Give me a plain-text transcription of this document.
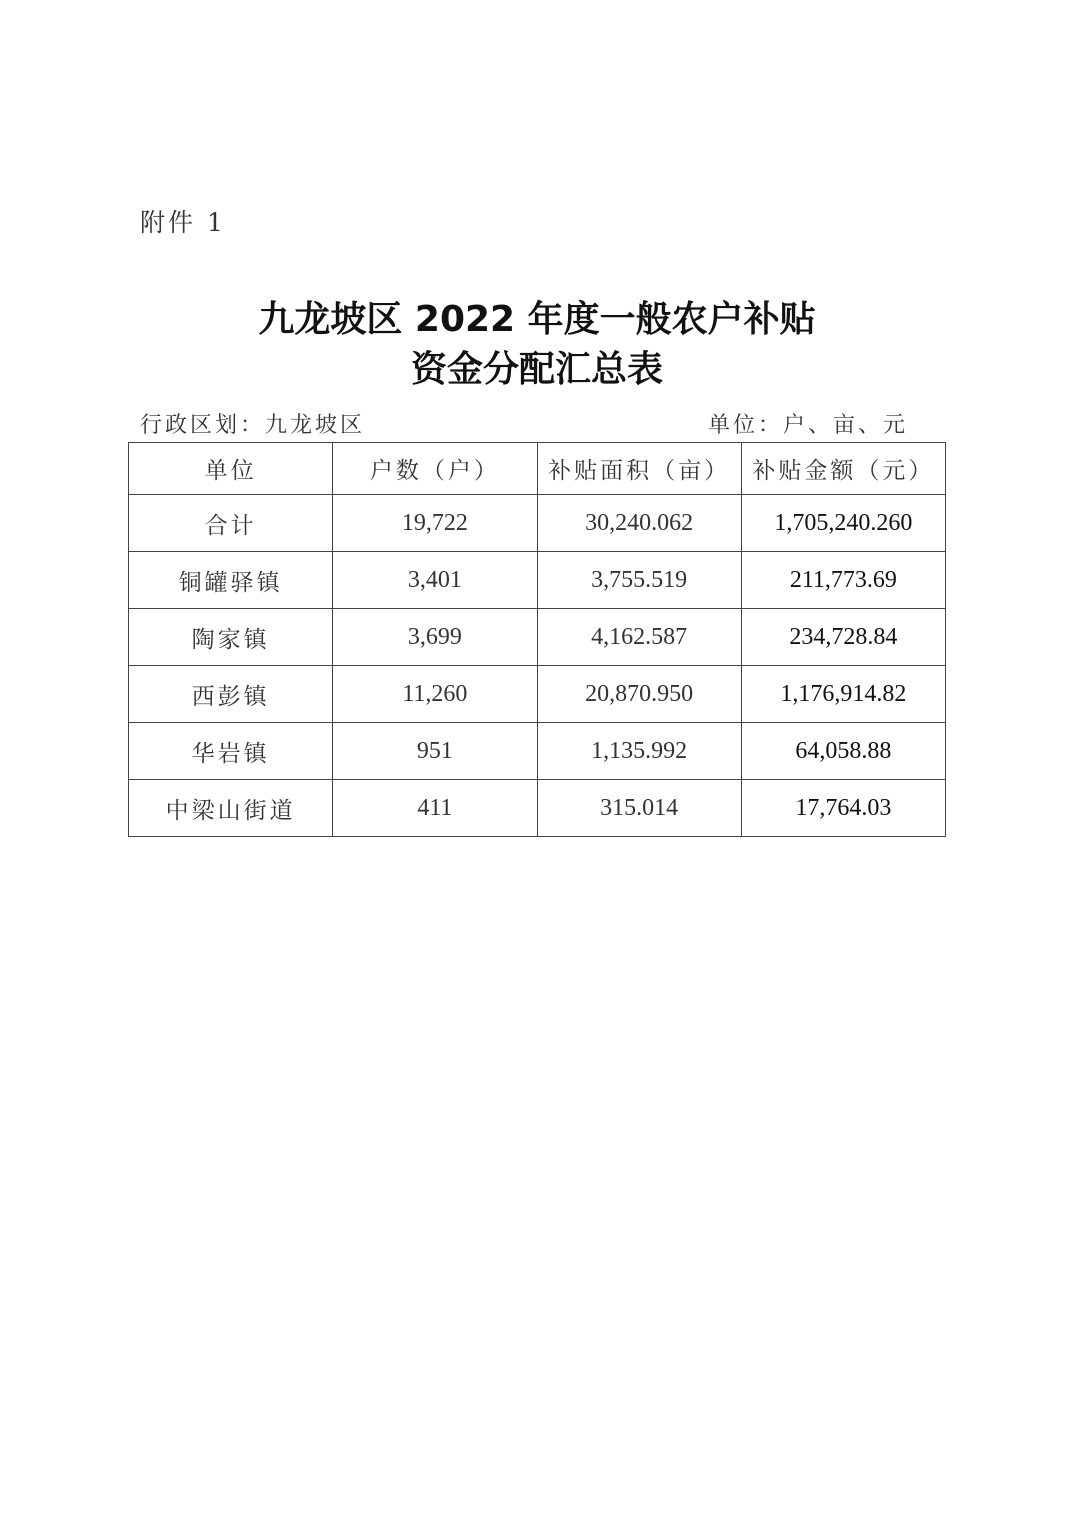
附件 1
九龙坡区 2022 年度一般农户补贴
资金分配汇总表
行政区划：九龙坡区	单位：户、亩、元
单位	户数（户）	补贴面积（亩）	补贴金额（元）
合计	19,722	30,240.062	1,705,240.260
铜罐驿镇	3,401	3,755.519	211,773.69
陶家镇	3,699	4,162.587	234,728.84
西彭镇	11,260	20,870.950	1,176,914.82
华岩镇	951	1,135.992	64,058.88
中梁山街道	411	315.014	17,764.03
